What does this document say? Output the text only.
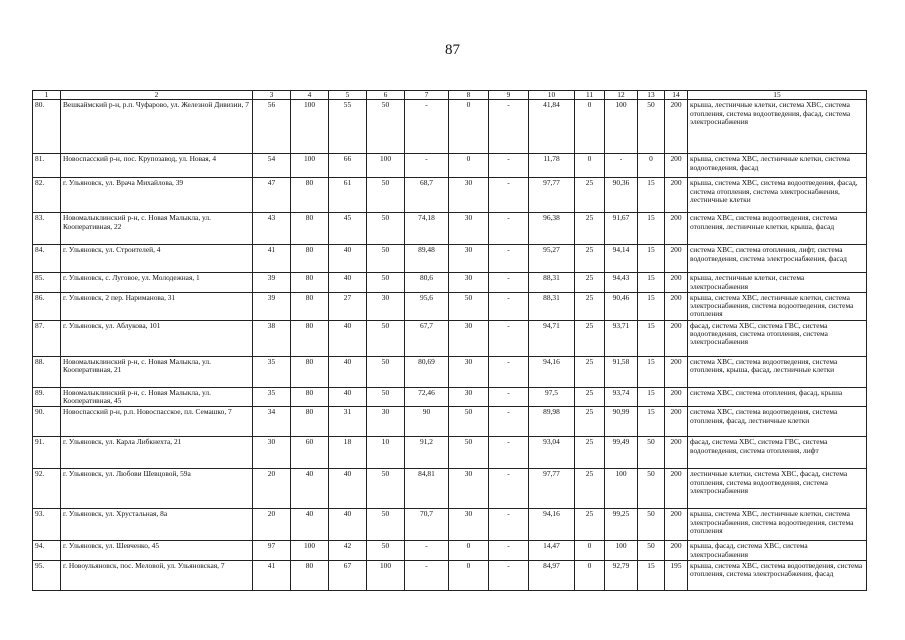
87
1	2	3	4	5	6	7	8	9	10	11	12	13	14	15
80.	Вешкаймский р-н, р.п. Чуфарово, ул. Железной Дивизии, 7	56	100	55	50	-	0	-	41,84	0	100	50	200	крыша, лестничные клетки, система ХВС, система отопления, система водоотведения, фасад, система электроснабжения
81.	Новоспасский р-н, пос. Крупозавод, ул. Новая, 4	54	100	66	100	-	0	-	11,78	0	-	0	200	крыша, система ХВС, лестничные клетки, система водоотведения, фасад
82.	г. Ульяновск, ул. Врача Михайлова, 39	47	80	61	50	68,7	30	-	97,77	25	90,36	15	200	крыша, система ХВС, система водоотведения, фасад, система отопления, система электроснабжения, лестничные клетки
83.	Новомалыклинский р-н, с. Новая Малыкла, ул. Кооперативная, 22	43	80	45	50	74,18	30	-	96,38	25	91,67	15	200	система ХВС, система водоотведения, система отопления, лестничные клетки, крыша, фасад
84.	г. Ульяновск, ул. Строителей, 4	41	80	40	50	89,48	30	-	95,27	25	94,14	15	200	система ХВС, система отопления, лифт, система водоотведения, система электроснабжения, фасад
85.	г. Ульяновск, с. Луговое, ул. Молодежная, 1	39	80	40	50	80,6	30	-	88,31	25	94,43	15	200	крыша, лестничные клетки, система электроснабжения
86.	г. Ульяновск, 2 пер. Нариманова, 31	39	80	27	30	95,6	50	-	88,31	25	90,46	15	200	крыша, система ХВС, лестничные клетки, система электроснабжения, система водоотведения, система отопления
87.	г. Ульяновск, ул. Аблукова, 101	38	80	40	50	67,7	30	-	94,71	25	93,71	15	200	фасад, система ХВС, система ГВС, система водоотведения, система отопления, система электроснабжения
88.	Новомалыклинский р-н, с. Новая Малыкла, ул. Кооперативная, 21	35	80	40	50	80,69	30	-	94,16	25	91,58	15	200	система ХВС, система водоотведения, система отопления, крыша, фасад, лестничные клетки
89.	Новомалыклинский р-н, с. Новая Малыкла, ул. Кооперативная, 45	35	80	40	50	72,46	30	-	97,5	25	93,74	15	200	система ХВС, система отопления, фасад, крыша
90.	Новоспасский р-н, р.п. Новоспасское, пл. Семашко, 7	34	80	31	30	90	50	-	89,98	25	90,99	15	200	система ХВС, система водоотведения, система отопления, фасад, лестничные клетки
91.	г. Ульяновск, ул. Карла Либкнехта, 21	30	60	18	10	91,2	50	-	93,04	25	99,49	50	200	фасад, система ХВС, система ГВС, система водоотведения, система отопления, лифт
92.	г. Ульяновск, ул. Любови Шевцовой, 59а	20	40	40	50	84,81	30	-	97,77	25	100	50	200	лестничные клетки, система ХВС, фасад, система отопления, система водоотведения, система электроснабжения
93.	г. Ульяновск, ул. Хрустальная, 8а	20	40	40	50	70,7	30	-	94,16	25	99,25	50	200	крыша, система ХВС, лестничные клетки, система электроснабжения, система водоотведения, система отопления
94.	г. Ульяновск, ул. Шевченко, 45	97	100	42	50	-	0	-	14,47	0	100	50	200	крыша, фасад, система ХВС, система электроснабжения
95.	г. Новоульяновск, пос. Меловой, ул. Ульяновская, 7	41	80	67	100	-	0	-	84,97	0	92,79	15	195	крыша, система ХВС, система водоотведения, система отопления, система электроснабжения, фасад
